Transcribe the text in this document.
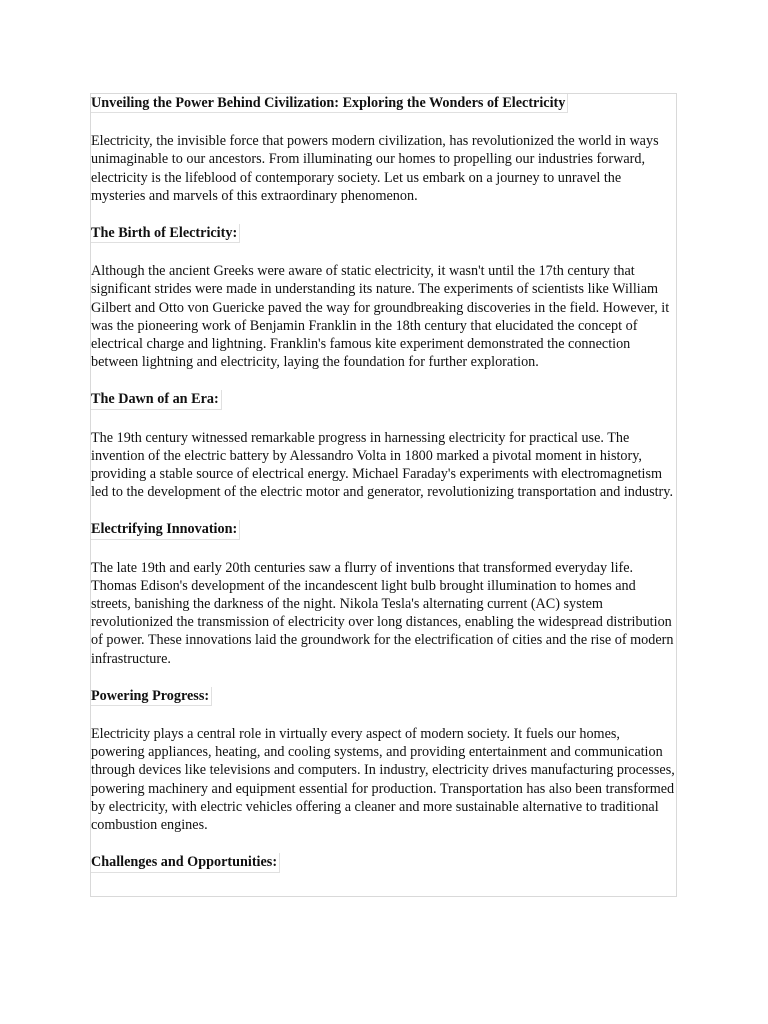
Unveiling the Power Behind Civilization: Exploring the Wonders of Electricity

Electricity, the invisible force that powers modern civilization, has revolutionized the world in ways unimaginable to our ancestors. From illuminating our homes to propelling our industries forward, electricity is the lifeblood of contemporary society. Let us embark on a journey to unravel the mysteries and marvels of this extraordinary phenomenon.

The Birth of Electricity:

Although the ancient Greeks were aware of static electricity, it wasn't until the 17th century that significant strides were made in understanding its nature. The experiments of scientists like William Gilbert and Otto von Guericke paved the way for groundbreaking discoveries in the field. However, it was the pioneering work of Benjamin Franklin in the 18th century that elucidated the concept of electrical charge and lightning. Franklin's famous kite experiment demonstrated the connection between lightning and electricity, laying the foundation for further exploration.

The Dawn of an Era:

The 19th century witnessed remarkable progress in harnessing electricity for practical use. The invention of the electric battery by Alessandro Volta in 1800 marked a pivotal moment in history, providing a stable source of electrical energy. Michael Faraday's experiments with electromagnetism led to the development of the electric motor and generator, revolutionizing transportation and industry.

Electrifying Innovation:

The late 19th and early 20th centuries saw a flurry of inventions that transformed everyday life. Thomas Edison's development of the incandescent light bulb brought illumination to homes and streets, banishing the darkness of the night. Nikola Tesla's alternating current (AC) system revolutionized the transmission of electricity over long distances, enabling the widespread distribution of power. These innovations laid the groundwork for the electrification of cities and the rise of modern infrastructure.

Powering Progress:

Electricity plays a central role in virtually every aspect of modern society. It fuels our homes, powering appliances, heating, and cooling systems, and providing entertainment and communication through devices like televisions and computers. In industry, electricity drives manufacturing processes, powering machinery and equipment essential for production. Transportation has also been transformed by electricity, with electric vehicles offering a cleaner and more sustainable alternative to traditional combustion engines.

Challenges and Opportunities:
